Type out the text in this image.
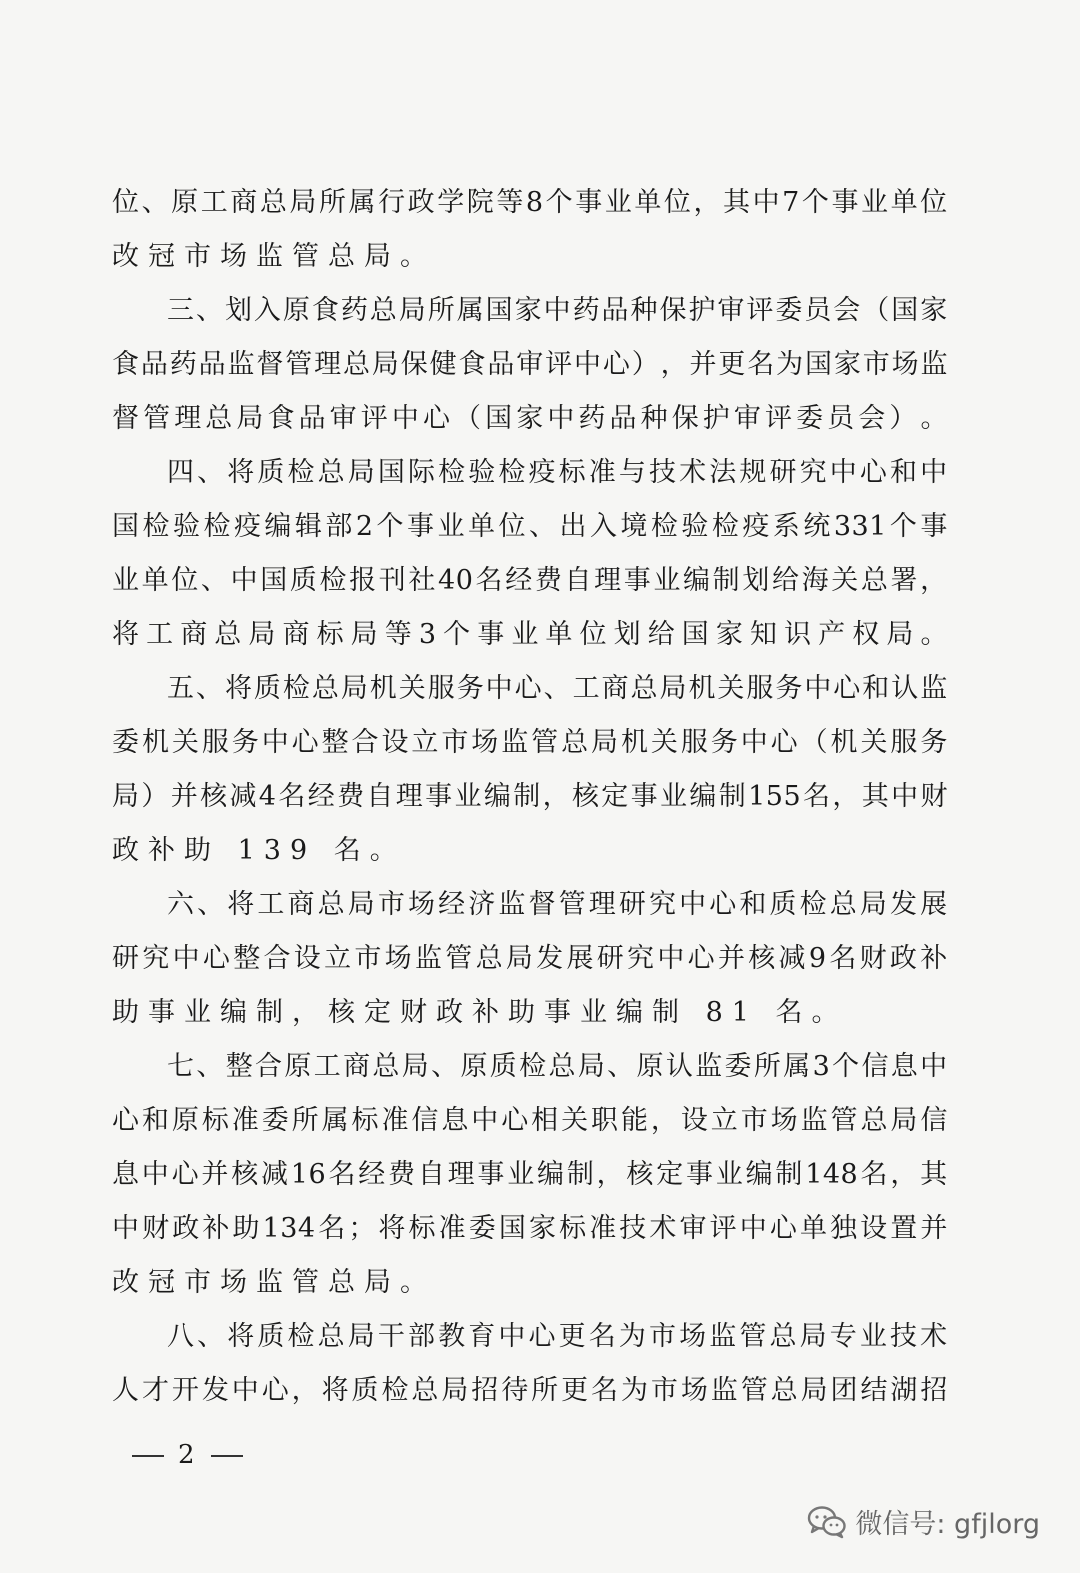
位 、 原 工 商 总 局 所 属 行 政 学 院 等 8 个 事 业 单 位 ， 其 中 7 个 事 业 单 位
改冠市场监管总局。
三 、 划 入 原 食 药 总 局 所 属 国 家 中 药 品 种 保 护 审 评 委 员 会 （ 国 家
食 品 药 品 监 督 管 理 总 局 保 健 食 品 审 评 中 心 ） ， 并 更 名 为 国 家 市 场 监
督 管 理 总 局 食 品 审 评 中 心 （ 国 家 中 药 品 种 保 护 审 评 委 员 会 ） 。
四 、 将 质 检 总 局 国 际 检 验 检 疫 标 准 与 技 术 法 规 研 究 中 心 和 中
国 检 验 检 疫 编 辑 部 2 个 事 业 单 位 、 出 入 境 检 验 检 疫 系 统 331 个 事
业 单 位 、 中 国 质 检 报 刊 社 40 名 经 费 自 理 事 业 编 制 划 给 海 关 总 署 ，
将 工 商 总 局 商 标 局 等 3 个 事 业 单 位 划 给 国 家 知 识 产 权 局 。
五 、 将 质 检 总 局 机 关 服 务 中 心 、 工 商 总 局 机 关 服 务 中 心 和 认 监
委 机 关 服 务 中 心 整 合 设 立 市 场 监 管 总 局 机 关 服 务 中 心 （ 机 关 服 务
局 ） 并 核 减 4 名 经 费 自 理 事 业 编 制 ， 核 定 事 业 编 制 155 名 ， 其 中 财
政补助 139 名。
六 、 将 工 商 总 局 市 场 经 济 监 督 管 理 研 究 中 心 和 质 检 总 局 发 展
研 究 中 心 整 合 设 立 市 场 监 管 总 局 发 展 研 究 中 心 并 核 减 9 名 财 政 补
助事业编制，核定财政补助事业编制 81 名。
七 、 整 合 原 工 商 总 局 、 原 质 检 总 局 、 原 认 监 委 所 属 3 个 信 息 中
心 和 原 标 准 委 所 属 标 准 信 息 中 心 相 关 职 能 ， 设 立 市 场 监 管 总 局 信
息 中 心 并 核 减 16 名 经 费 自 理 事 业 编 制 ， 核 定 事 业 编 制 148 名 ， 其
中 财 政 补 助 134 名 ； 将 标 准 委 国 家 标 准 技 术 审 评 中 心 单 独 设 置 并
改冠市场监管总局。
八 、 将 质 检 总 局 干 部 教 育 中 心 更 名 为 市 场 监 管 总 局 专 业 技 术
人 才 开 发 中 心 ， 将 质 检 总 局 招 待 所 更 名 为 市 场 监 管 总 局 团 结 湖 招
2
微信号: gfjlorg
